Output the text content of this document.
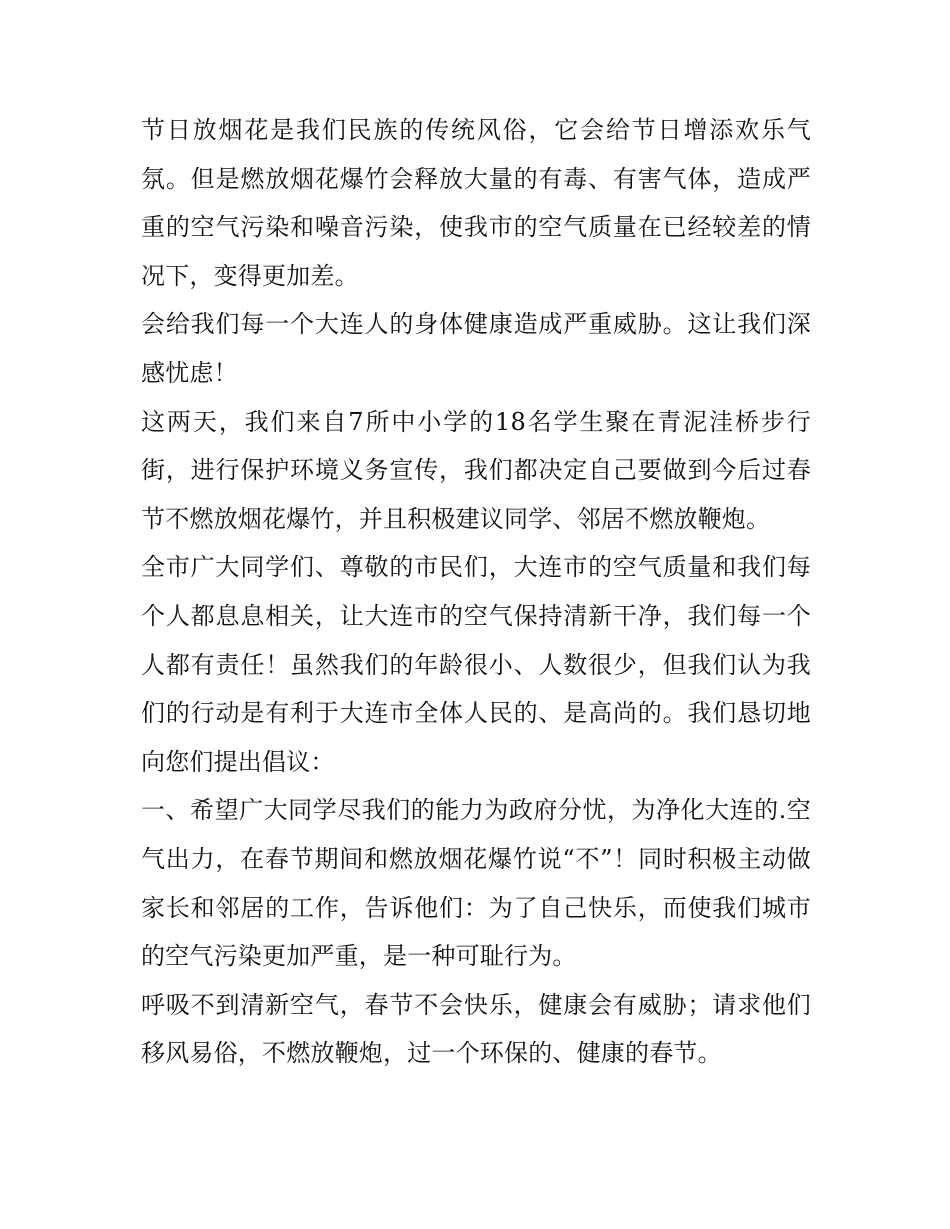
节日放烟花是我们民族的传统风俗，它会给节日增添欢乐气氛。但是燃放烟花爆竹会释放大量的有毒、有害气体，造成严重的空气污染和噪音污染，使我市的空气质量在已经较差的情况下，变得更加差。

会给我们每一个大连人的身体健康造成严重威胁。这让我们深感忧虑！

这两天，我们来自7所中小学的18名学生聚在青泥洼桥步行街，进行保护环境义务宣传，我们都决定自己要做到今后过春节不燃放烟花爆竹，并且积极建议同学、邻居不燃放鞭炮。

全市广大同学们、尊敬的市民们，大连市的空气质量和我们每个人都息息相关，让大连市的空气保持清新干净，我们每一个人都有责任！虽然我们的年龄很小、人数很少，但我们认为我们的行动是有利于大连市全体人民的、是高尚的。我们恳切地向您们提出倡议：

一、希望广大同学尽我们的能力为政府分忧，为净化大连的.空气出力，在春节期间和燃放烟花爆竹说“不”！同时积极主动做家长和邻居的工作，告诉他们：为了自己快乐，而使我们城市的空气污染更加严重，是一种可耻行为。

呼吸不到清新空气，春节不会快乐，健康会有威胁；请求他们移风易俗，不燃放鞭炮，过一个环保的、健康的春节。
